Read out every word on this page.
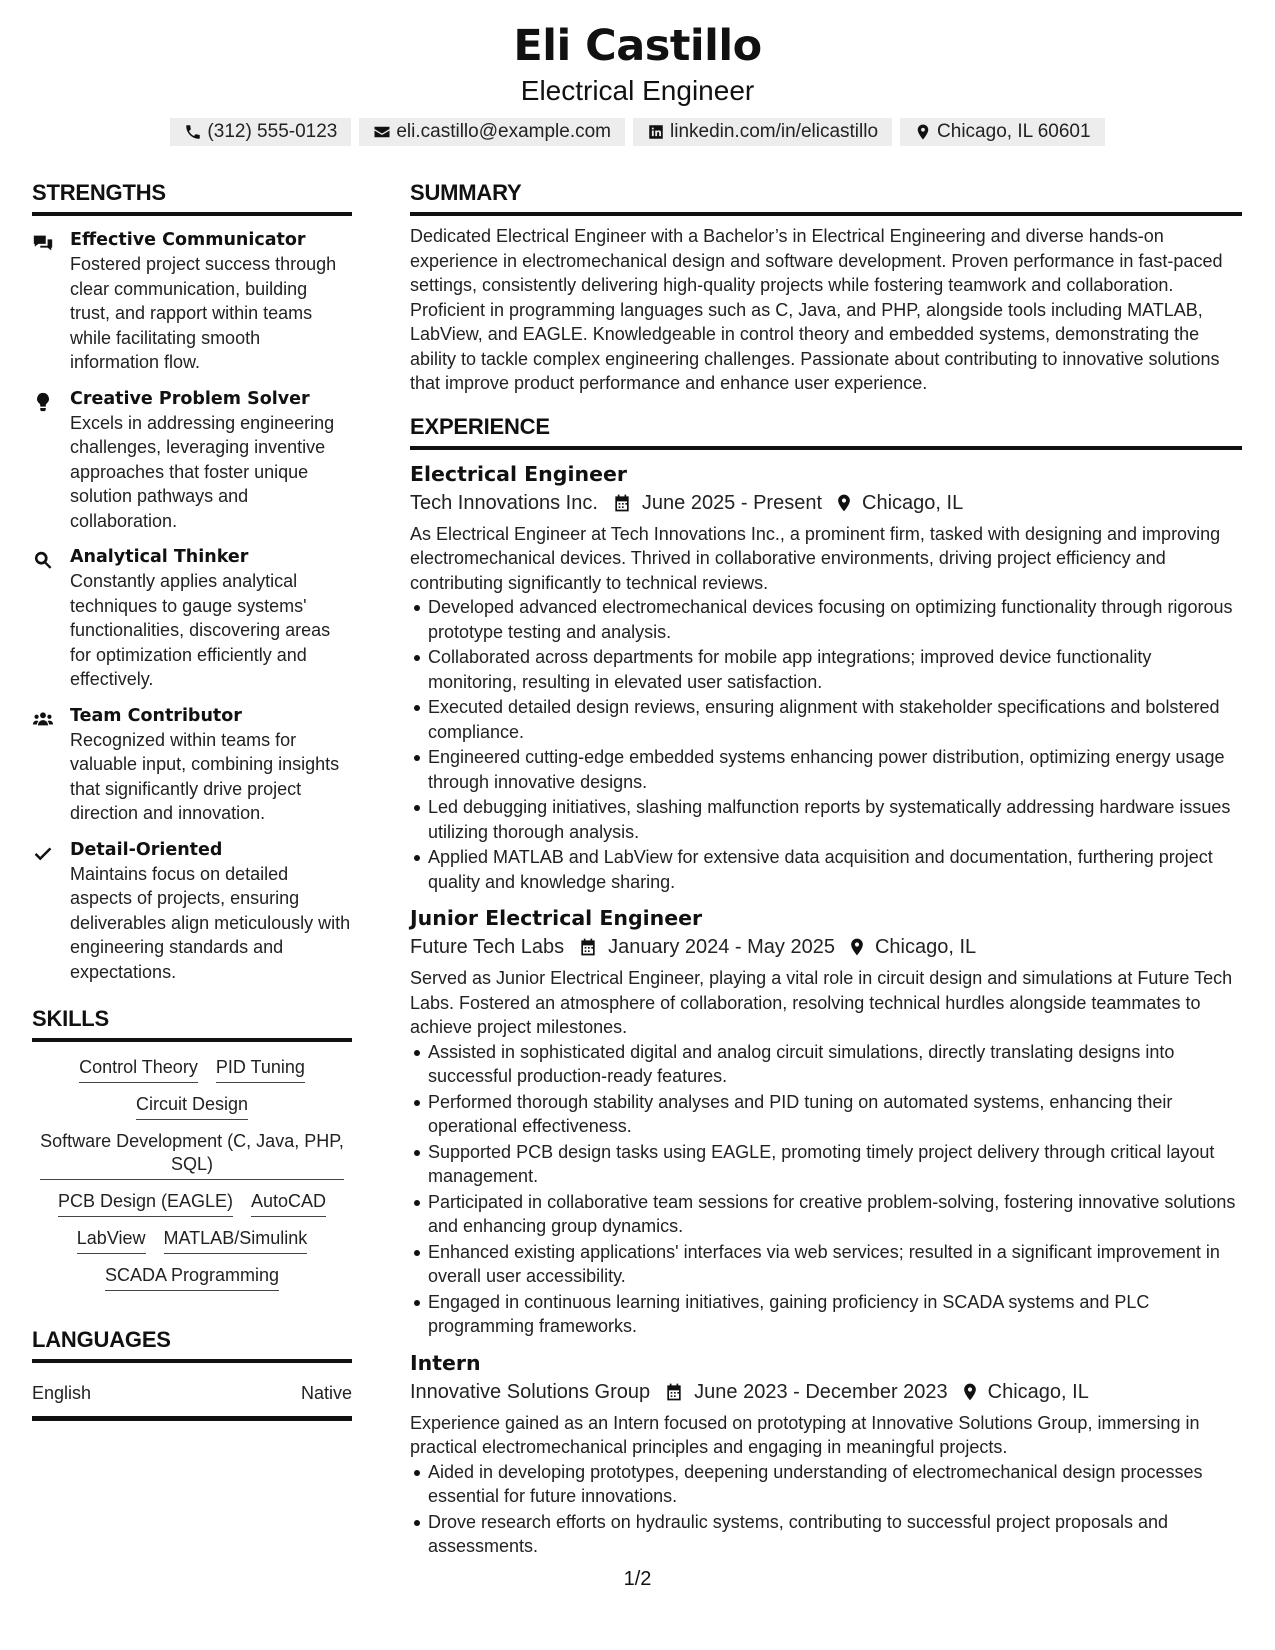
Eli Castillo
Electrical Engineer
(312) 555-0123	eli.castillo@example.com	linkedin.com/in/elicastillo	Chicago, IL 60601
STRENGTHS
Effective Communicator
Fostered project success through clear communication, building trust, and rapport within teams while facilitating smooth information flow.
Creative Problem Solver
Excels in addressing engineering challenges, leveraging inventive approaches that foster unique solution pathways and collaboration.
Analytical Thinker
Constantly applies analytical techniques to gauge systems' functionalities, discovering areas for optimization efficiently and effectively.
Team Contributor
Recognized within teams for valuable input, combining insights that significantly drive project direction and innovation.
Detail-Oriented
Maintains focus on detailed aspects of projects, ensuring deliverables align meticulously with engineering standards and expectations.
SKILLS
Control Theory PID Tuning
Circuit Design
Software Development (C, Java, PHP, SQL)
PCB Design (EAGLE) AutoCAD
LabView MATLAB/Simulink
SCADA Programming
LANGUAGES
English	Native
SUMMARY
Dedicated Electrical Engineer with a Bachelor’s in Electrical Engineering and diverse hands-on experience in electromechanical design and software development. Proven performance in fast-paced settings, consistently delivering high-quality projects while fostering teamwork and collaboration. Proficient in programming languages such as C, Java, and PHP, alongside tools including MATLAB, LabView, and EAGLE. Knowledgeable in control theory and embedded systems, demonstrating the ability to tackle complex engineering challenges. Passionate about contributing to innovative solutions that improve product performance and enhance user experience.
EXPERIENCE
Electrical Engineer
Tech Innovations Inc. June 2025 - Present Chicago, IL
As Electrical Engineer at Tech Innovations Inc., a prominent firm, tasked with designing and improving electromechanical devices. Thrived in collaborative environments, driving project efficiency and contributing significantly to technical reviews.
Developed advanced electromechanical devices focusing on optimizing functionality through rigorous prototype testing and analysis.
Collaborated across departments for mobile app integrations; improved device functionality monitoring, resulting in elevated user satisfaction.
Executed detailed design reviews, ensuring alignment with stakeholder specifications and bolstered compliance.
Engineered cutting-edge embedded systems enhancing power distribution, optimizing energy usage through innovative designs.
Led debugging initiatives, slashing malfunction reports by systematically addressing hardware issues utilizing thorough analysis.
Applied MATLAB and LabView for extensive data acquisition and documentation, furthering project quality and knowledge sharing.
Junior Electrical Engineer
Future Tech Labs January 2024 - May 2025 Chicago, IL
Served as Junior Electrical Engineer, playing a vital role in circuit design and simulations at Future Tech Labs. Fostered an atmosphere of collaboration, resolving technical hurdles alongside teammates to achieve project milestones.
Assisted in sophisticated digital and analog circuit simulations, directly translating designs into successful production-ready features.
Performed thorough stability analyses and PID tuning on automated systems, enhancing their operational effectiveness.
Supported PCB design tasks using EAGLE, promoting timely project delivery through critical layout management.
Participated in collaborative team sessions for creative problem-solving, fostering innovative solutions and enhancing group dynamics.
Enhanced existing applications' interfaces via web services; resulted in a significant improvement in overall user accessibility.
Engaged in continuous learning initiatives, gaining proficiency in SCADA systems and PLC programming frameworks.
Intern
Innovative Solutions Group June 2023 - December 2023 Chicago, IL
Experience gained as an Intern focused on prototyping at Innovative Solutions Group, immersing in practical electromechanical principles and engaging in meaningful projects.
Aided in developing prototypes, deepening understanding of electromechanical design processes essential for future innovations.
Drove research efforts on hydraulic systems, contributing to successful project proposals and assessments.
1/2
